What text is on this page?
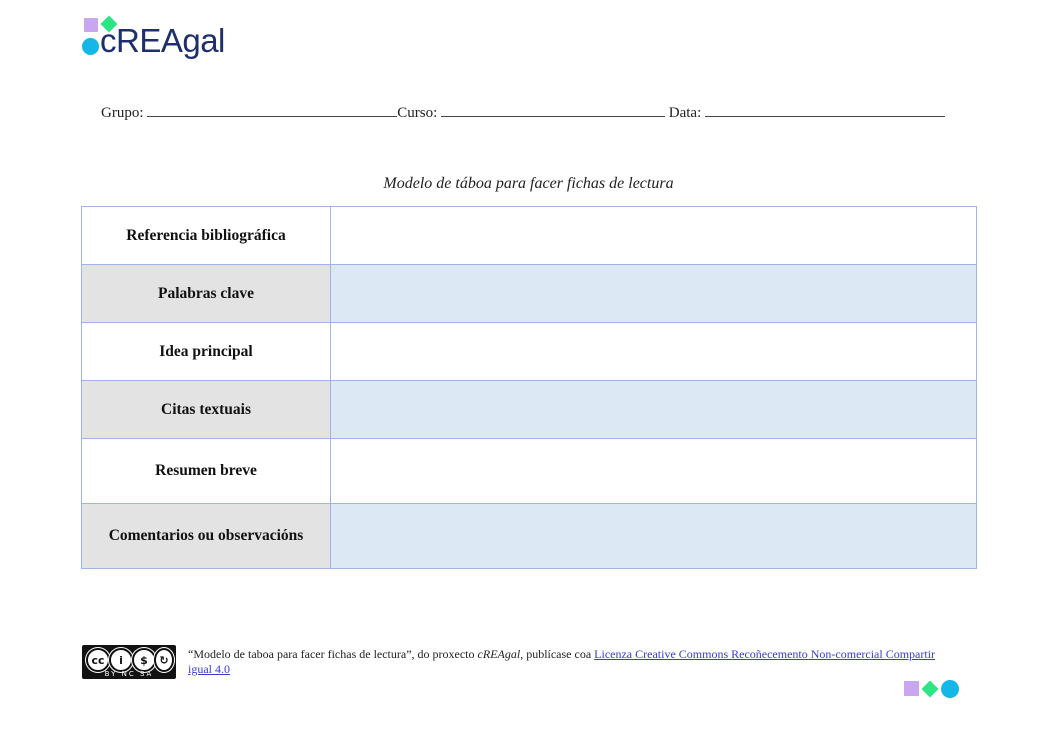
cREAgal
Grupo:	Curso:	Data:
Modelo de táboa para facer fichas de lectura
Referencia bibliográfica	
Palabras clave	
Idea principal	
Citas textuais	
Resumen breve	
Comentarios ou observacións	
cc	i	$	↻
BY NC SA
“Modelo de taboa para facer fichas de lectura”, do proxecto cREAgal, publícase coa Licenza Creative Commons Recoñecemento Non-comercial Compartir igual 4.0
